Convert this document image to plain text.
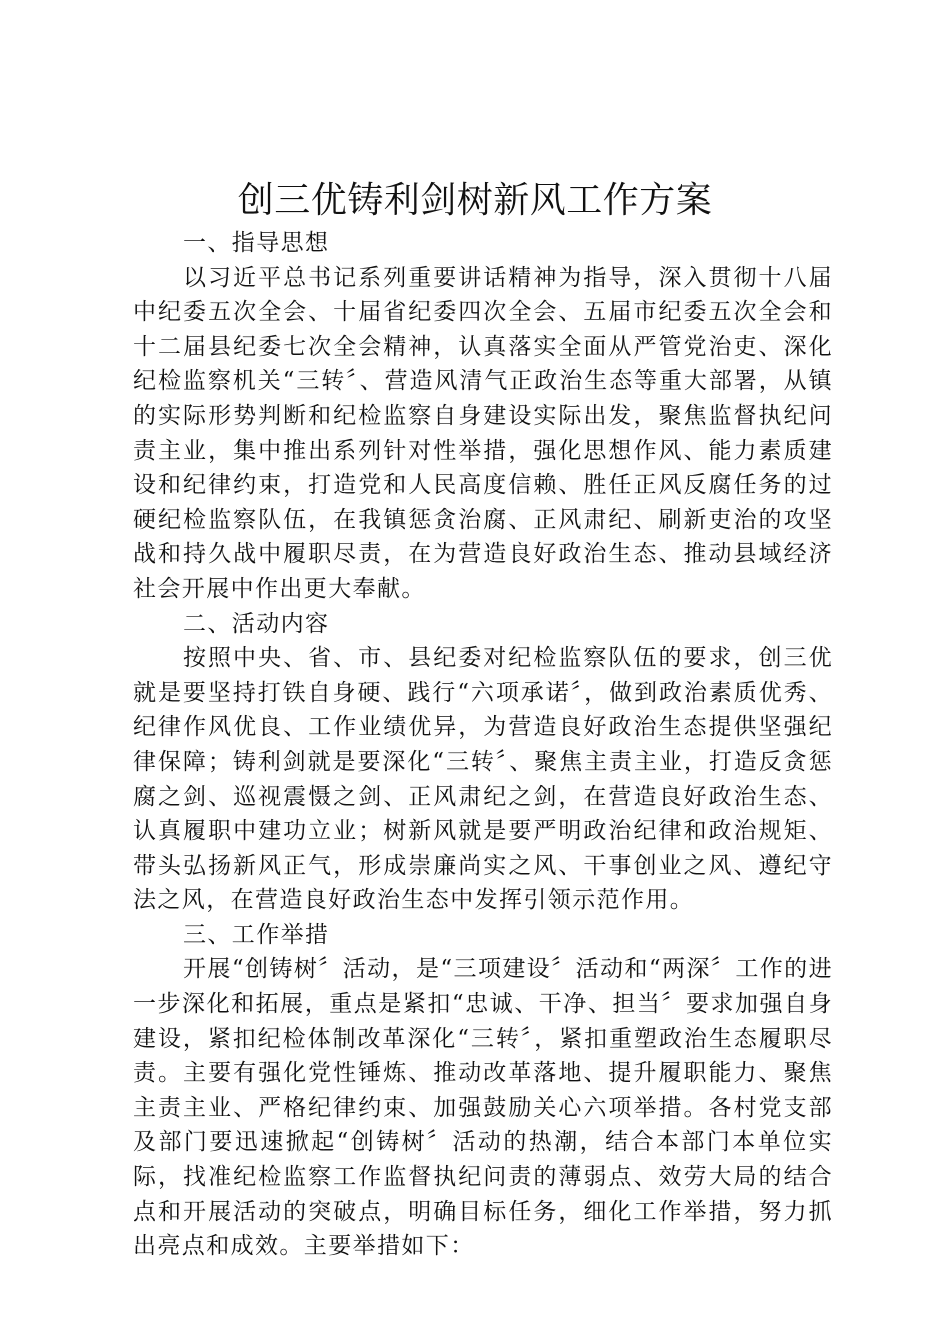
创三优铸利剑树新风工作方案

一、指导思想

以习近平总书记系列重要讲话精神为指导，深入贯彻十八届中纪委五次全会、十届省纪委四次全会、五届市纪委五次全会和十二届县纪委七次全会精神，认真落实全面从严管党治吏、深化纪检监察机关“三转〞、营造风清气正政治生态等重大部署，从镇的实际形势判断和纪检监察自身建设实际出发，聚焦监督执纪问责主业，集中推出系列针对性举措，强化思想作风、能力素质建设和纪律约束，打造党和人民高度信赖、胜任正风反腐任务的过硬纪检监察队伍，在我镇惩贪治腐、正风肃纪、刷新吏治的攻坚战和持久战中履职尽责，在为营造良好政治生态、推动县域经济社会开展中作出更大奉献。

二、活动内容

按照中央、省、市、县纪委对纪检监察队伍的要求，创三优就是要坚持打铁自身硬、践行“六项承诺〞，做到政治素质优秀、纪律作风优良、工作业绩优异，为营造良好政治生态提供坚强纪律保障；铸利剑就是要深化“三转〞、聚焦主责主业，打造反贪惩腐之剑、巡视震慑之剑、正风肃纪之剑，在营造良好政治生态、认真履职中建功立业；树新风就是要严明政治纪律和政治规矩、带头弘扬新风正气，形成崇廉尚实之风、干事创业之风、遵纪守法之风，在营造良好政治生态中发挥引领示范作用。

三、工作举措

开展“创铸树〞活动，是“三项建设〞活动和“两深〞工作的进一步深化和拓展，重点是紧扣“忠诚、干净、担当〞要求加强自身建设，紧扣纪检体制改革深化“三转〞，紧扣重塑政治生态履职尽责。主要有强化党性锤炼、推动改革落地、提升履职能力、聚焦主责主业、严格纪律约束、加强鼓励关心六项举措。各村党支部及部门要迅速掀起“创铸树〞活动的热潮，结合本部门本单位实际，找准纪检监察工作监督执纪问责的薄弱点、效劳大局的结合点和开展活动的突破点，明确目标任务，细化工作举措，努力抓出亮点和成效。主要举措如下：
